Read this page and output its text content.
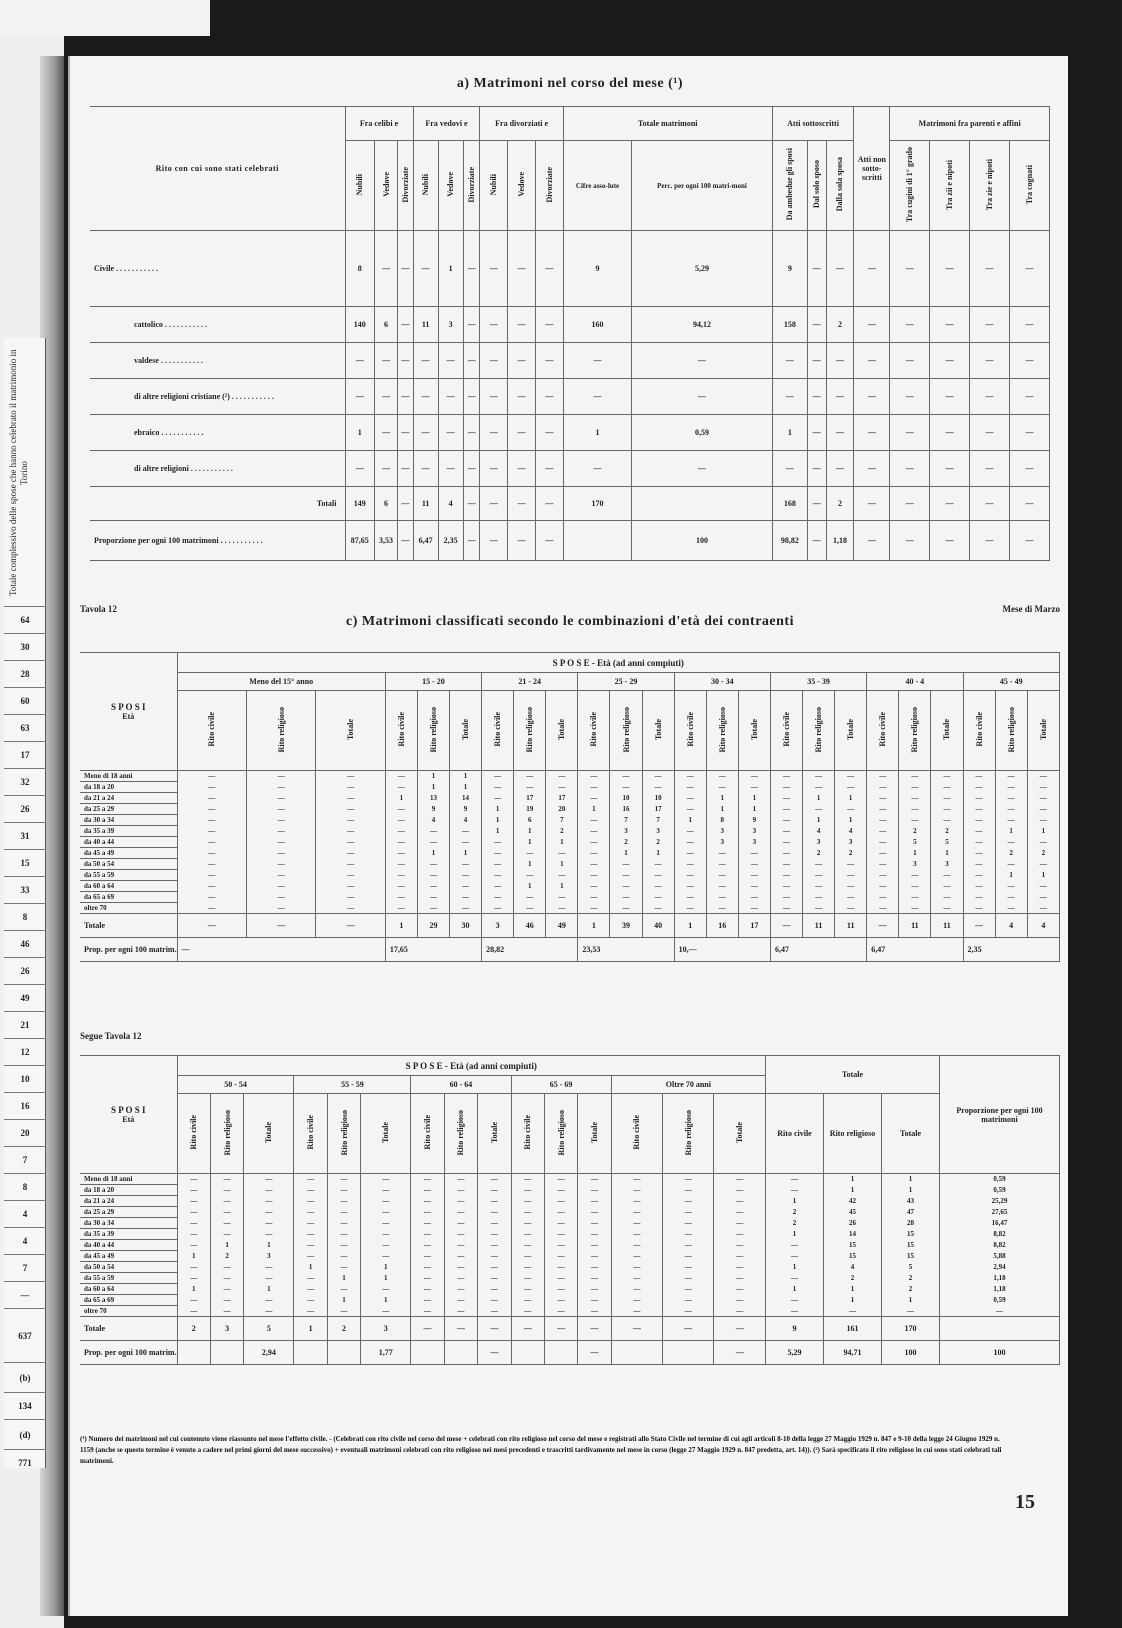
Totale complessivo delle spose che hanno celebrato il matrimonio in Torino
64
30
28
60
63
17
32
26
31
15
33
8
46
26
49
21
12
10
16
20
7
8
4
4
7
—
637
(b)
134
(d)
771
a) Matrimoni nel corso del mese (¹)
Rito con cui sono stati celebrati	Fra celibi e			Fra vedovi e			Fra divorziati e			Totale matrimoni		Atti sottoscritti			Atti non sotto-scritti	Matrimoni fra parenti e affini			
	Nubili	Vedove	Divorziate	Nubili	Vedove	Divorziate	Nubili	Vedove	Divorziate	Cifre asso-lute	Perc. per ogni 100 matri-moni	Da ambedue gli sposi	Dal solo sposo	Dalla sola sposa		Tra cugini di 1° grado	Tra zii e nipoti	Tra zie e nipoti	Tra cognati
Civile . . . . . . . . . . .	8	—	—	—	1	—	—	—	—	9	5,29	9	—	—	—	—	—	—	—
cattolico . . . . . . . . . . .	140	6	—	11	3	—	—	—	—	160	94,12	158	—	2	—	—	—	—	—
valdese . . . . . . . . . . .	—	—	—	—	—	—	—	—	—	—	—	—	—	—	—	—	—	—	—
di altre religioni cristiane (²) . . . . . . . . . . .	—	—	—	—	—	—	—	—	—	—	—	—	—	—	—	—	—	—	—
ebraico . . . . . . . . . . .	1	—	—	—	—	—	—	—	—	1	0,59	1	—	—	—	—	—	—	—
di altre religioni . . . . . . . . . . .	—	—	—	—	—	—	—	—	—	—	—	—	—	—	—	—	—	—	—
Totali	149	6	—	11	4	—	—	—	—	170		168	—	2	—	—	—	—	—
Proporzione per ogni 100 matrimoni . . . . . . . . . . .	87,65	3,53	—	6,47	2,35	—	—	—	—		100	98,82	—	1,18	—	—	—	—	—
Tavola 12	Mese di Marzo
c) Matrimoni classificati secondo le combinazioni d'età dei contraenti
S P O S I
Età	S P O S E - Età (ad anni compiuti)																							
	Meno del 15° anno			15 - 20			21 - 24			25 - 29			30 - 34			35 - 39			40 - 4			45 - 49		
	Rito civile	Rito religioso	Totale	Rito civile	Rito religioso	Totale	Rito civile	Rito religioso	Totale	Rito civile	Rito religioso	Totale	Rito civile	Rito religioso	Totale	Rito civile	Rito religioso	Totale	Rito civile	Rito religioso	Totale	Rito civile	Rito religioso	Totale
Meno di 18 anni	—	—	—	—	1	1	—	—	—	—	—	—	—	—	—	—	—	—	—	—	—	—	—	—
da 18 a 20	—	—	—	—	1	1	—	—	—	—	—	—	—	—	—	—	—	—	—	—	—	—	—	—
da 21 a 24	—	—	—	1	13	14	—	17	17	—	10	10	—	1	1	—	1	1	—	—	—	—	—	—
da 25 a 29	—	—	—	—	9	9	1	19	20	1	16	17	—	1	1	—	—	—	—	—	—	—	—	—
da 30 a 34	—	—	—	—	4	4	1	6	7	—	7	7	1	8	9	—	1	1	—	—	—	—	—	—
da 35 a 39	—	—	—	—	—	—	1	1	2	—	3	3	—	3	3	—	4	4	—	2	2	—	1	1
da 40 a 44	—	—	—	—	—	—	—	1	1	—	2	2	—	3	3	—	3	3	—	5	5	—	—	—
da 45 a 49	—	—	—	—	1	1	—	—	—	—	1	1	—	—	—	—	2	2	—	1	1	—	2	2
da 50 a 54	—	—	—	—	—	—	—	1	1	—	—	—	—	—	—	—	—	—	—	3	3	—	—	—
da 55 a 59	—	—	—	—	—	—	—	—	—	—	—	—	—	—	—	—	—	—	—	—	—	—	1	1
da 60 a 64	—	—	—	—	—	—	—	1	1	—	—	—	—	—	—	—	—	—	—	—	—	—	—	—
da 65 a 69	—	—	—	—	—	—	—	—	—	—	—	—	—	—	—	—	—	—	—	—	—	—	—	—
oltre 70	—	—	—	—	—	—	—	—	—	—	—	—	—	—	—	—	—	—	—	—	—	—	—	—
Totale	—	—	—	1	29	30	3	46	49	1	39	40	1	16	17	—	11	11	—	11	11	—	4	4
Prop. per ogni 100 matrim.	—			17,65			28,82			23,53			10,—			6,47			6,47			2,35		
Segue Tavola 12
S P O S I
Età	S P O S E - Età (ad anni compiuti)															Totale			Proporzione per ogni 100 matrimoni
	50 - 54			55 - 59			60 - 64			65 - 69			Oltre 70 anni						
	Rito civile	Rito religioso	Totale	Rito civile	Rito religioso	Totale	Rito civile	Rito religioso	Totale	Rito civile	Rito religioso	Totale	Rito civile	Rito religioso	Totale	Rito civile	Rito religioso	Totale	
Meno di 18 anni	—	—	—	—	—	—	—	—	—	—	—	—	—	—	—	—	1	1	0,59
da 18 a 20	—	—	—	—	—	—	—	—	—	—	—	—	—	—	—	—	1	1	0,59
da 21 a 24	—	—	—	—	—	—	—	—	—	—	—	—	—	—	—	1	42	43	25,29
da 25 a 29	—	—	—	—	—	—	—	—	—	—	—	—	—	—	—	2	45	47	27,65
da 30 a 34	—	—	—	—	—	—	—	—	—	—	—	—	—	—	—	2	26	28	16,47
da 35 a 39	—	—	—	—	—	—	—	—	—	—	—	—	—	—	—	1	14	15	8,82
da 40 a 44	—	1	1	—	—	—	—	—	—	—	—	—	—	—	—	—	15	15	8,82
da 45 a 49	1	2	3	—	—	—	—	—	—	—	—	—	—	—	—	—	15	15	5,88
da 50 a 54	—	—	—	1	—	1	—	—	—	—	—	—	—	—	—	1	4	5	2,94
da 55 a 59	—	—	—	—	1	1	—	—	—	—	—	—	—	—	—	—	2	2	1,18
da 60 a 64	1	—	1	—	—	—	—	—	—	—	—	—	—	—	—	1	1	2	1,18
da 65 a 69	—	—	—	—	1	1	—	—	—	—	—	—	—	—	—	—	1	1	0,59
oltre 70	—	—	—	—	—	—	—	—	—	—	—	—	—	—	—	—	—	—	—
Totale	2	3	5	1	2	3	—	—	—	—	—	—	—	—	—	9	161	170	
Prop. per ogni 100 matrim.			2,94			1,77			—			—			—	5,29	94,71	100	100
(¹) Numero dei matrimoni nel cui contenuto viene riassunto nel mese l'effetto civile. - (Celebrati con rito civile nel corso del mese + celebrati con rito religioso nel corso del mese e registrati allo Stato Civile nel termine di cui agli articoli 8-10 della legge 27 Maggio 1929 n. 847 e 9-10 della legge 24 Giugno 1929 n. 1159 (anche se questo termine è venuto a cadere nel primi giorni del mese successivo) + eventuali matrimoni celebrati con rito religioso nei mesi precedenti e trascritti tardivamente nel mese in corso (legge 27 Maggio 1929 n. 847 predetta, art. 14)). (²) Sarà specificato il rito religioso in cui sono stati celebrati tali matrimoni.
15
